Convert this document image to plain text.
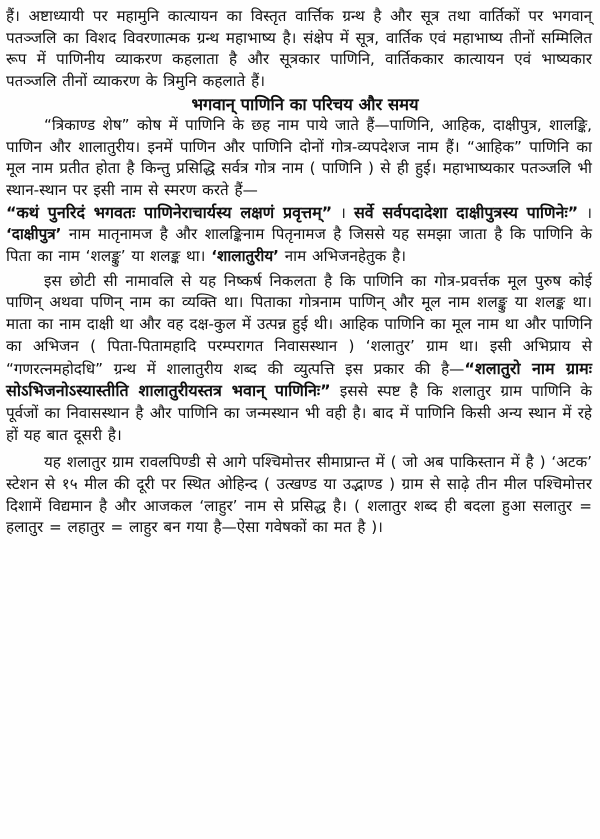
हैं। अष्टाध्यायी पर महामुनि कात्यायन का विस्तृत वार्त्तिक ग्रन्थ है और सूत्र तथा वार्तिकों पर भगवान् पतञ्जलि का विशद विवरणात्मक ग्रन्थ महाभाष्य है। संक्षेप में सूत्र, वार्तिक एवं महाभाष्य तीनों सम्मिलित रूप में पाणिनीय व्याकरण कहलाता है और सूत्रकार पाणिनि, वार्तिककार कात्यायन एवं भाष्यकार पतञ्जलि तीनों व्याकरण के त्रिमुनि कहलाते हैं।

भगवान् पाणिनि का परिचय और समय

“त्रिकाण्ड शेष” कोष में पाणिनि के छह नाम पाये जाते हैं—पाणिनि, आहिक, दाक्षीपुत्र, शालङ्कि, पाणिन और शालातुरीय। इनमें पाणिन और पाणिनि दोनों गोत्र-व्यपदेशज नाम हैं। “आहिक” पाणिनि का मूल नाम प्रतीत होता है किन्तु प्रसिद्धि सर्वत्र गोत्र नाम ( पाणिनि ) से ही हुई। महाभाष्यकार पतञ्जलि भी स्थान-स्थान पर इसी नाम से स्मरण करते हैं—
“कथं पुनरिदं भगवतः पाणिनेराचार्यस्य लक्षणं प्रवृत्तम्” । सर्वे सर्वपदादेशा दाक्षीपुत्रस्य पाणिनेः” । ‘दाक्षीपुत्र’ नाम मातृनामज है और शालङ्किनाम पितृनामज है जिससे यह समझा जाता है कि पाणिनि के पिता का नाम ‘शलङ्कु’ या शलङ्क था। ‘शालातुरीय’ नाम अभिजनहेतुक है।

इस छोटी सी नामावलि से यह निष्कर्ष निकलता है कि पाणिनि का गोत्र-प्रवर्त्तक मूल पुरुष कोई पाणिन् अथवा पणिन् नाम का व्यक्ति था। पिताका गोत्रनाम पाणिन् और मूल नाम शलङ्कु या शलङ्क था। माता का नाम दाक्षी था और वह दक्ष-कुल में उत्पन्न हुई थी। आहिक पाणिनि का मूल नाम था और पाणिनि का अभिजन ( पिता-पितामहादि परम्परागत निवासस्थान ) ‘शलातुर’ ग्राम था। इसी अभिप्राय से “गणरत्नमहोदधि” ग्रन्थ में शालातुरीय शब्द की व्युत्पत्ति इस प्रकार की है—“शलातुरो नाम ग्रामः सोऽभिजनोऽस्यास्तीति शालातुरीयस्तत्र भवान् पाणिनिः” इससे स्पष्ट है कि शलातुर ग्राम पाणिनि के पूर्वजों का निवासस्थान है और पाणिनि का जन्मस्थान भी वही है। बाद में पाणिनि किसी अन्य स्थान में रहे हों यह बात दूसरी है।

यह शलातुर ग्राम रावलपिण्डी से आगे पश्चिमोत्तर सीमाप्रान्त में ( जो अब पाकिस्तान में है ) ‘अटक’ स्टेशन से १५ मील की दूरी पर स्थित ओहिन्द ( उत्खण्ड या उद्भाण्ड ) ग्राम से साढ़े तीन मील पश्चिमोत्तर दिशामें विद्यमान है और आजकल ‘लाहुर’ नाम से प्रसिद्ध है। ( शलातुर शब्द ही बदला हुआ सलातुर = हलातुर = लहातुर = लाहुर बन गया है—ऐसा गवेषकों का मत है )।
